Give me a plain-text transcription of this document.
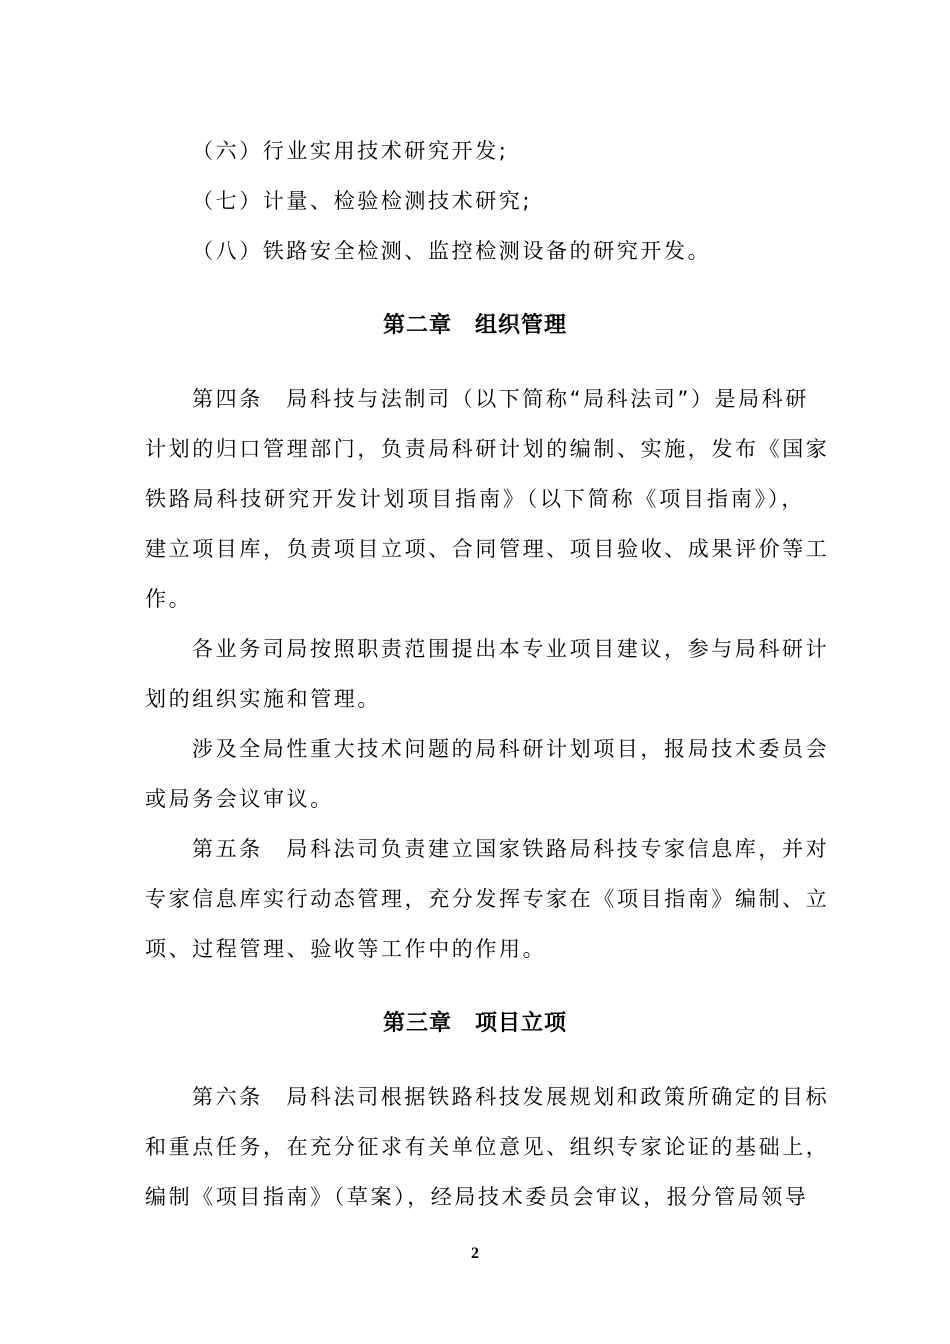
（六）行业实用技术研究开发;
（七）计量、检验检测技术研究;
（八）铁路安全检测、监控检测设备的研究开发。
第二章　组织管理
第四条　局科技与法制司（以下简称“局科法司”）是局科研
计划的归口管理部门，负责局科研计划的编制、实施，发布《国家
铁路局科技研究开发计划项目指南》（以下简称《项目指南》），
建立项目库，负责项目立项、合同管理、项目验收、成果评价等工
作。
各业务司局按照职责范围提出本专业项目建议，参与局科研计
划的组织实施和管理。
涉及全局性重大技术问题的局科研计划项目，报局技术委员会
或局务会议审议。
第五条　局科法司负责建立国家铁路局科技专家信息库，并对
专家信息库实行动态管理，充分发挥专家在《项目指南》编制、立
项、过程管理、验收等工作中的作用。
第三章　项目立项
第六条　局科法司根据铁路科技发展规划和政策所确定的目标
和重点任务，在充分征求有关单位意见、组织专家论证的基础上，
编制《项目指南》（草案），经局技术委员会审议，报分管局领导
2
